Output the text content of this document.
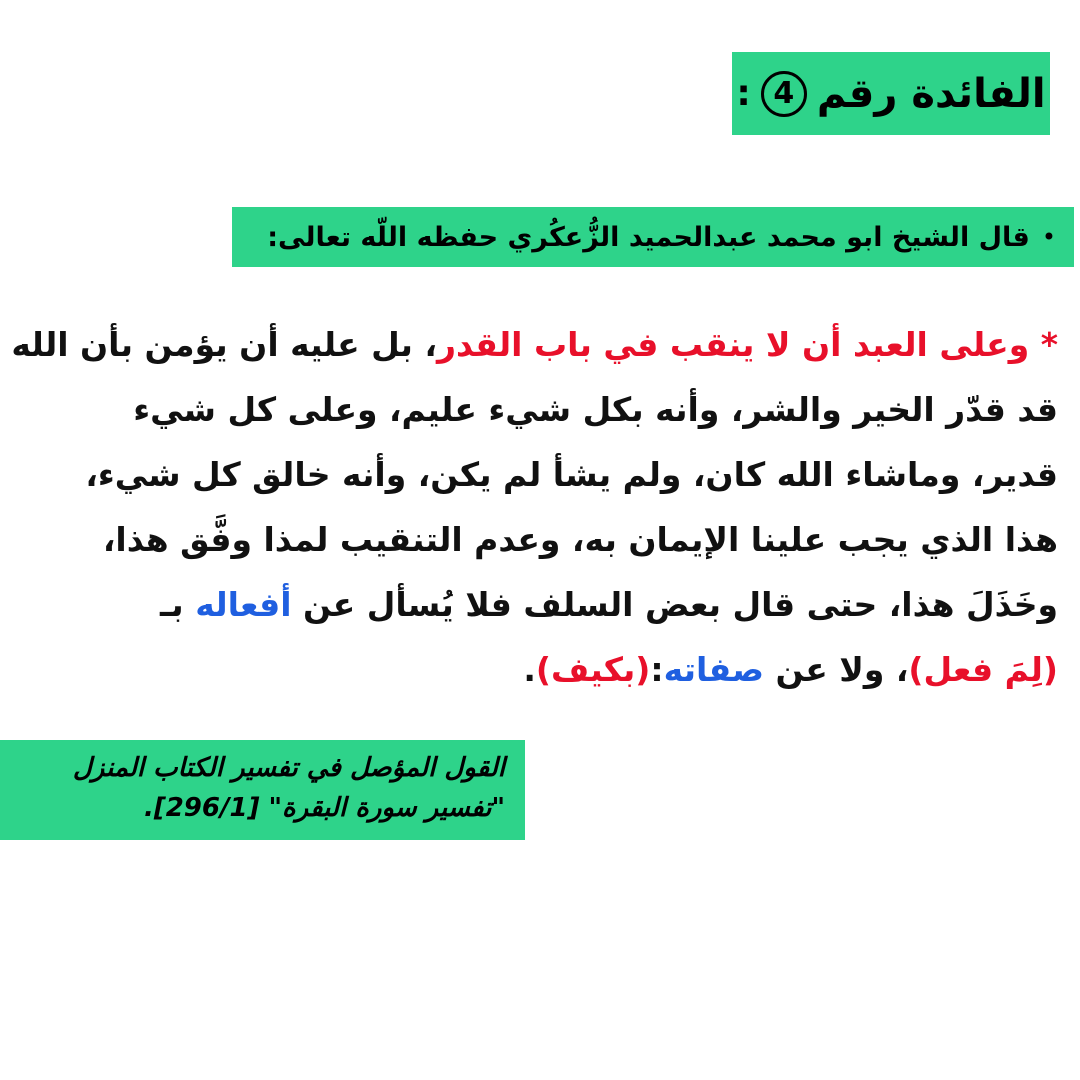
الفائدة رقم
4
:
•
قال الشيخ ابو محمد عبدالحميد الزُّعكُري حفظه اللّه تعالى:
* وعلى العبد أن لا ينقب في باب القدر، بل عليه أن يؤمن بأن الله
قد قدّر الخير والشر، وأنه بكل شيء عليم، وعلى كل شيء
قدير، وماشاء الله كان، ولم يشأ لم يكن، وأنه خالق كل شيء،
هذا الذي يجب علينا الإيمان به، وعدم التنقيب لمذا وفَّق هذا،
وخَذَلَ هذا، حتى قال بعض السلف فلا يُسأل عن أفعاله بـ
(لِمَ فعل)، ولا عن صفاته:(بكيف).
القول المؤصل في تفسير الكتاب المنزل
"تفسير سورة البقرة" [296/1].
